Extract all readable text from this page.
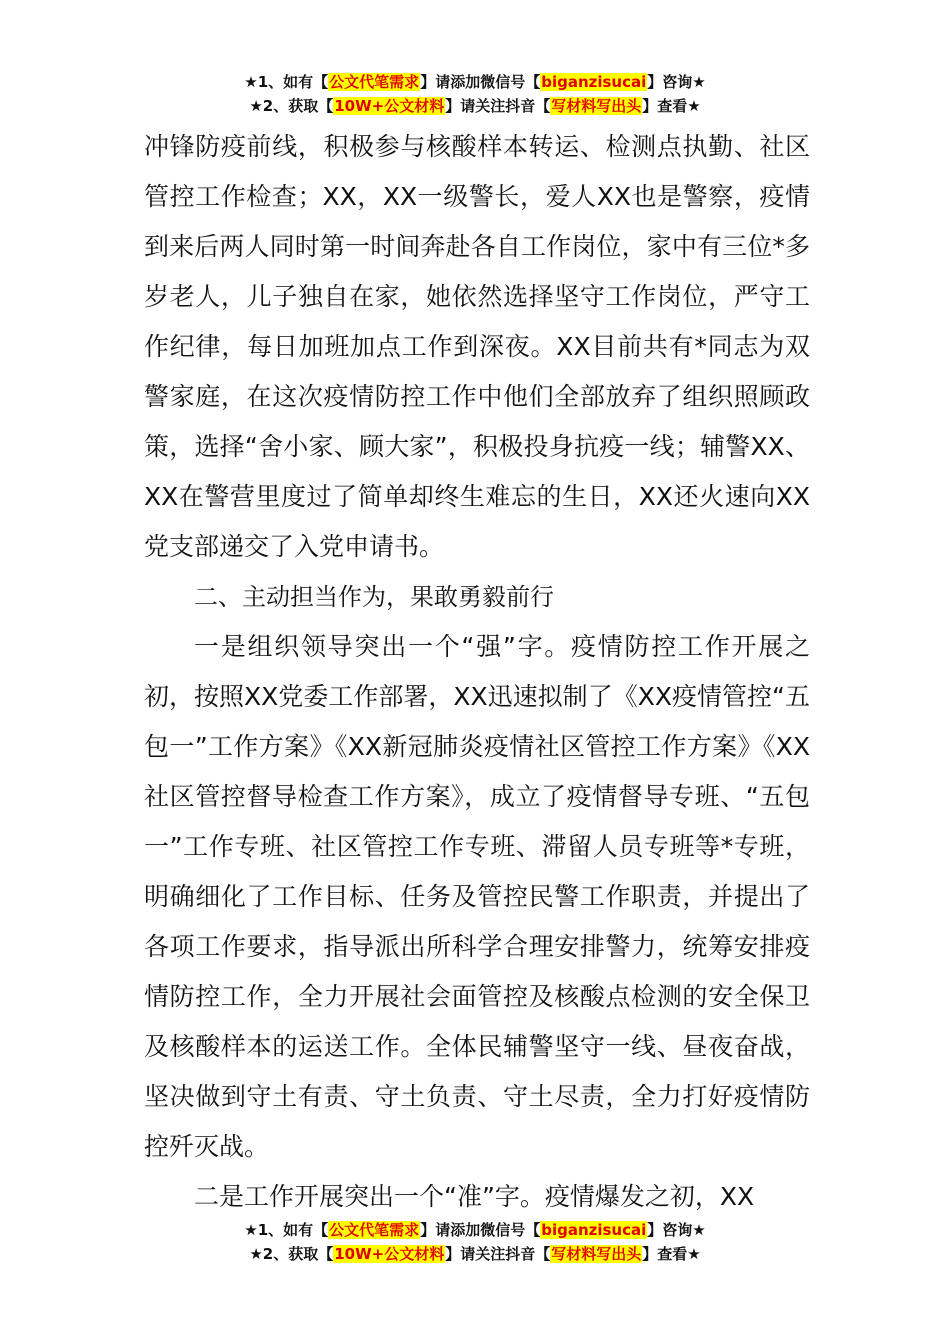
★1、如有【公文代笔需求】请添加微信号【biganzisucai】咨询★
★2、获取【10W+公文材料】请关注抖音【写材料写出头】查看★

冲锋防疫前线，积极参与核酸样本转运、检测点执勤、社区管控工作检查；XX，XX一级警长，爱人XX也是警察，疫情到来后两人同时第一时间奔赴各自工作岗位，家中有三位*多岁老人，儿子独自在家，她依然选择坚守工作岗位，严守工作纪律，每日加班加点工作到深夜。XX目前共有*同志为双警家庭，在这次疫情防控工作中他们全部放弃了组织照顾政策，选择“舍小家、顾大家”，积极投身抗疫一线；辅警XX、XX在警营里度过了简单却终生难忘的生日，XX还火速向XX党支部递交了入党申请书。

二、主动担当作为，果敢勇毅前行

一是组织领导突出一个“强”字。疫情防控工作开展之初，按照XX党委工作部署，XX迅速拟制了《XX疫情管控“五包一”工作方案》《XX新冠肺炎疫情社区管控工作方案》《XX社区管控督导检查工作方案》，成立了疫情督导专班、“五包一”工作专班、社区管控工作专班、滞留人员专班等*专班，明确细化了工作目标、任务及管控民警工作职责，并提出了各项工作要求，指导派出所科学合理安排警力，统筹安排疫情防控工作，全力开展社会面管控及核酸点检测的安全保卫及核酸样本的运送工作。全体民辅警坚守一线、昼夜奋战，坚决做到守土有责、守土负责、守土尽责，全力打好疫情防控歼灭战。

二是工作开展突出一个“准”字。疫情爆发之初，XX

★1、如有【公文代笔需求】请添加微信号【biganzisucai】咨询★
★2、获取【10W+公文材料】请关注抖音【写材料写出头】查看★
